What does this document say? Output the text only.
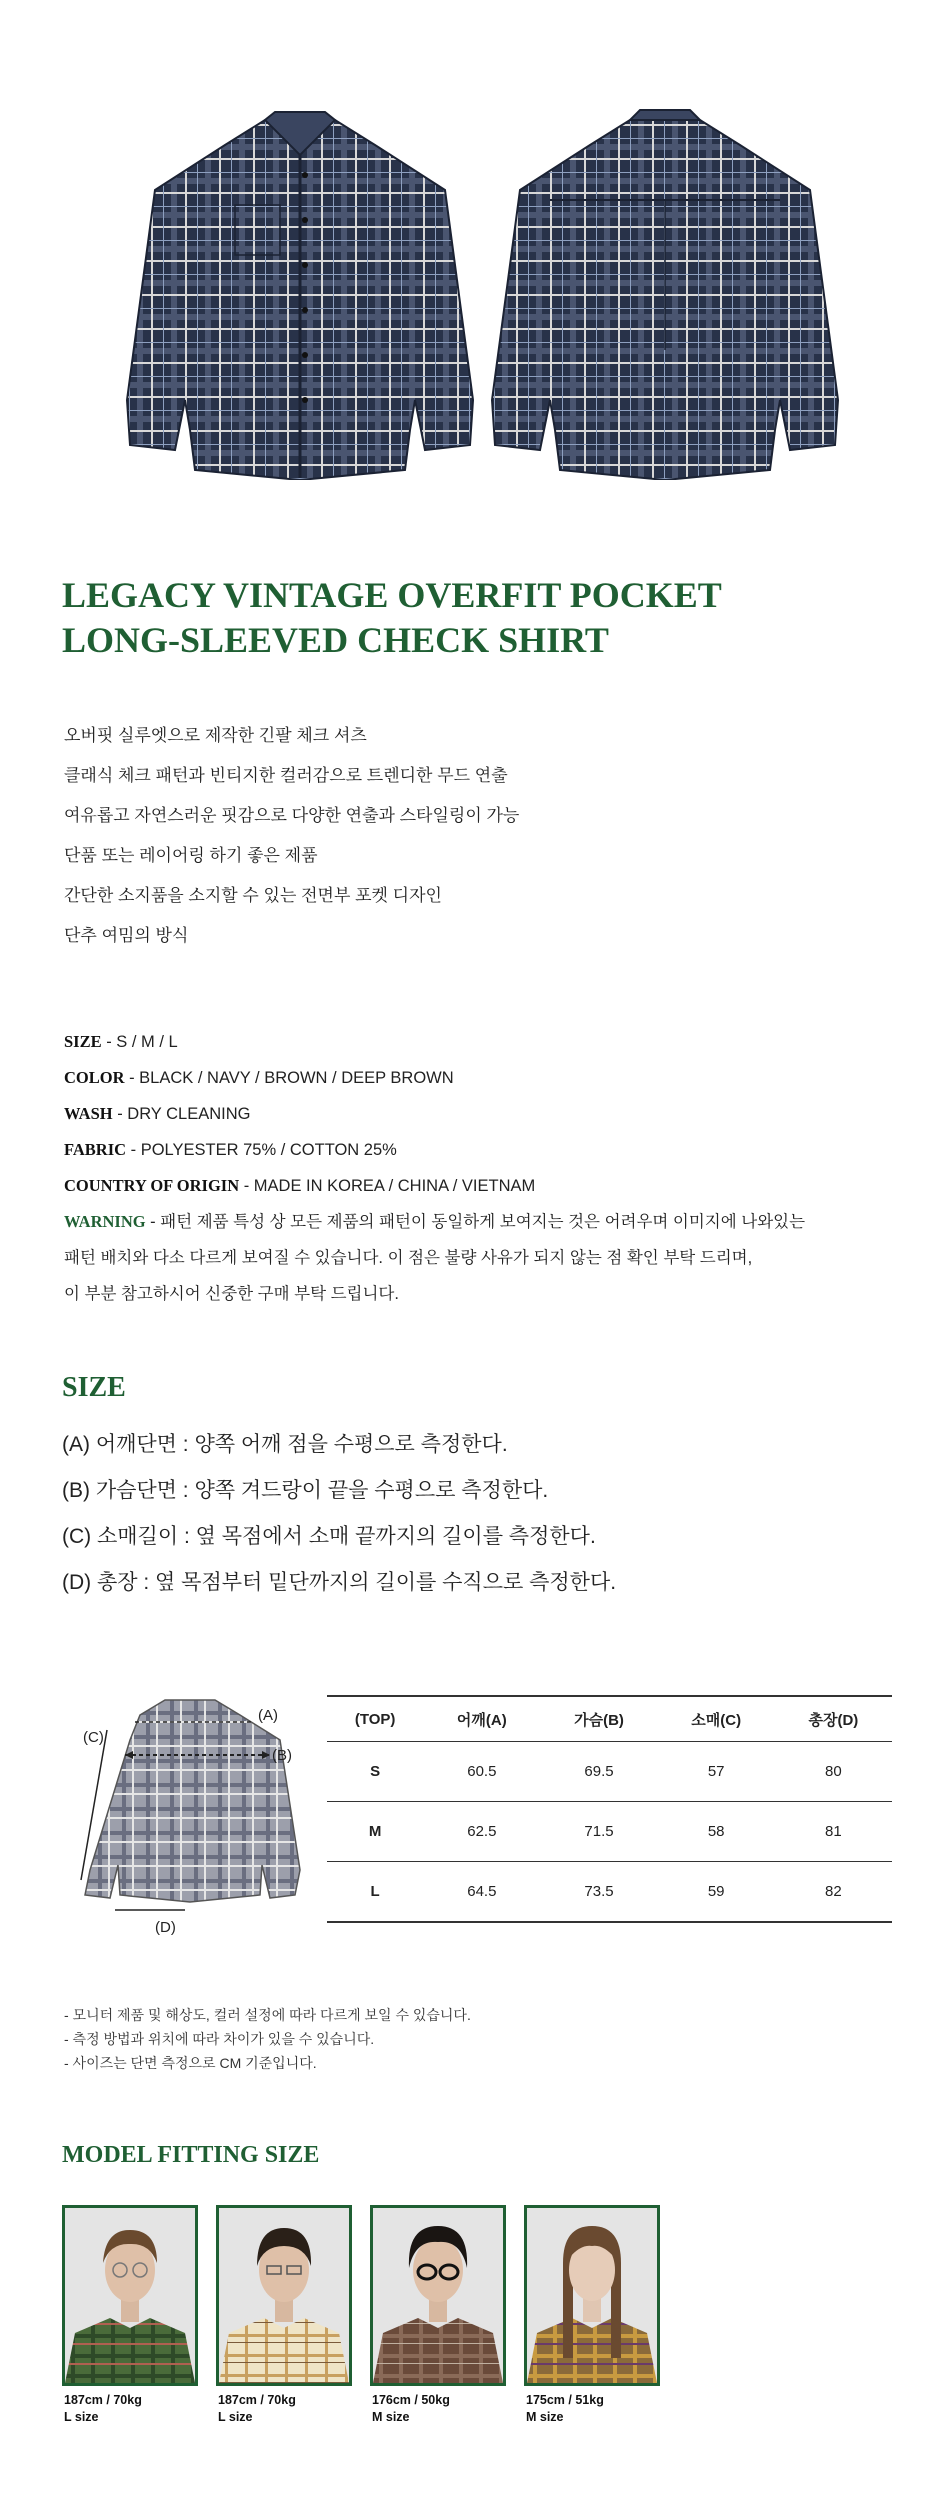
LEGACY VINTAGE OVERFIT POCKET
LONG-SLEEVED CHECK SHIRT
오버핏 실루엣으로 제작한 긴팔 체크 셔츠
클래식 체크 패턴과 빈티지한 컬러감으로 트렌디한 무드 연출
여유롭고 자연스러운 핏감으로 다양한 연출과 스타일링이 가능
단품 또는 레이어링 하기 좋은 제품
간단한 소지품을 소지할 수 있는 전면부 포켓 디자인
단추 여밈의 방식
SIZE - S / M / L
COLOR - BLACK / NAVY / BROWN / DEEP BROWN
WASH - DRY CLEANING
FABRIC - POLYESTER 75% / COTTON 25%
COUNTRY OF ORIGIN - MADE IN KOREA / CHINA / VIETNAM
WARNING - 패턴 제품 특성 상 모든 제품의 패턴이 동일하게 보여지는 것은 어려우며 이미지에 나와있는
패턴 배치와 다소 다르게 보여질 수 있습니다. 이 점은 불량 사유가 되지 않는 점 확인 부탁 드리며,
이 부분 참고하시어 신중한 구매 부탁 드립니다.
SIZE
(A) 어깨단면 : 양쪽 어깨 점을 수평으로 측정한다.
(B) 가슴단면 : 양쪽 겨드랑이 끝을 수평으로 측정한다.
(C) 소매길이 : 옆 목점에서 소매 끝까지의 길이를 측정한다.
(D) 총장 : 옆 목점부터 밑단까지의 길이를 수직으로 측정한다.
(A)
(B)
(C)
(D)
(TOP)	어깨(A)	가슴(B)	소매(C)	총장(D)
S	60.5	69.5	57	80
M	62.5	71.5	58	81
L	64.5	73.5	59	82
- 모니터 제품 및 해상도, 컬러 설정에 따라 다르게 보일 수 있습니다.
- 측정 방법과 위치에 따라 차이가 있을 수 있습니다.
- 사이즈는 단면 측정으로 CM 기준입니다.
MODEL FITTING SIZE
187cm / 70kg
L size
187cm / 70kg
L size
176cm / 50kg
M size
175cm / 51kg
M size
